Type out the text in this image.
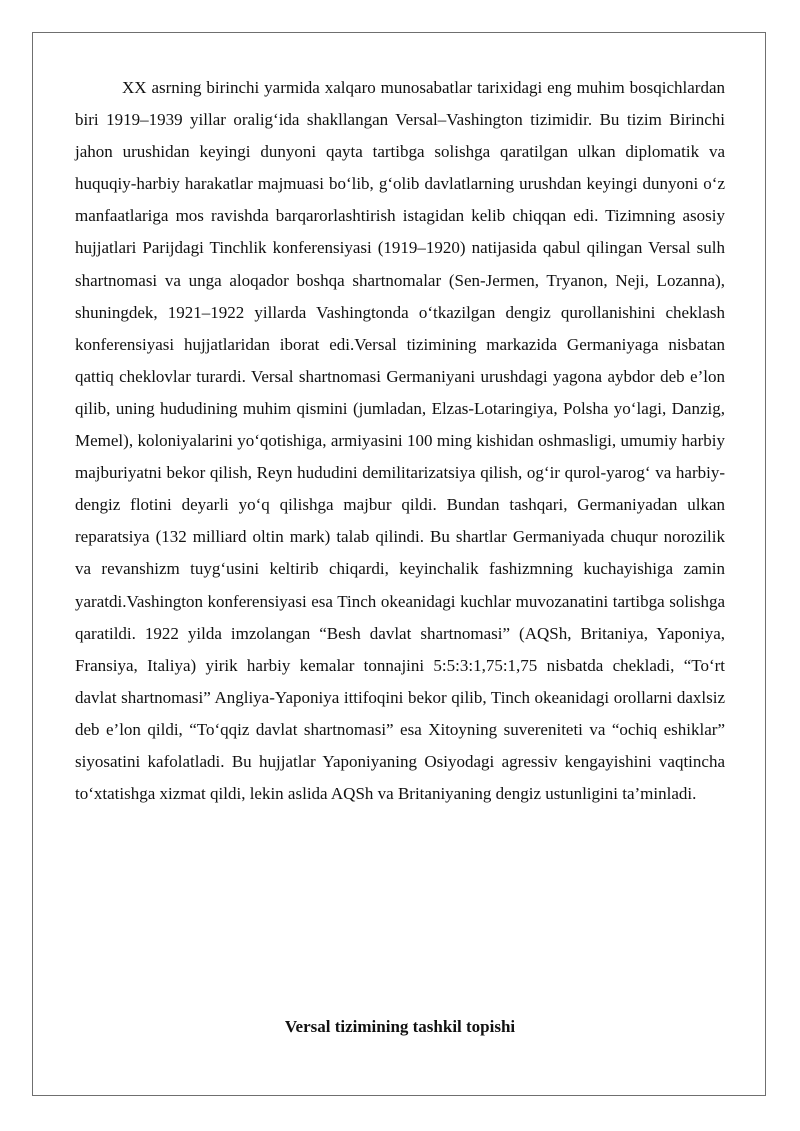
XX asrning birinchi yarmida xalqaro munosabatlar tarixidagi eng muhim bosqichlardan biri 1919–1939 yillar oralig‘ida shakllangan Versal–Vashington tizimidir. Bu tizim Birinchi jahon urushidan keyingi dunyoni qayta tartibga solishga qaratilgan ulkan diplomatik va huquqiy-harbiy harakatlar majmuasi bo‘lib, g‘olib davlatlarning urushdan keyingi dunyoni o‘z manfaatlariga mos ravishda barqarorlashtirish istagidan kelib chiqqan edi. Tizimning asosiy hujjatlari Parijdagi Tinchlik konferensiyasi (1919–1920) natijasida qabul qilingan Versal sulh shartnomasi va unga aloqador boshqa shartnomalar (Sen-Jermen, Tryanon, Neji, Lozanna), shuningdek, 1921–1922 yillarda Vashingtonda o‘tkazilgan dengiz qurollanishini cheklash konferensiyasi hujjatlaridan iborat edi.Versal tizimining markazida Germaniyaga nisbatan qattiq cheklovlar turardi. Versal shartnomasi Germaniyani urushdagi yagona aybdor deb e’lon qilib, uning hududining muhim qismini (jumladan, Elzas-Lotaringiya, Polsha yo‘lagi, Danzig, Memel), koloniyalarini yo‘qotishiga, armiyasini 100 ming kishidan oshmasligi, umumiy harbiy majburiyatni bekor qilish, Reyn hududini demilitarizatsiya qilish, og‘ir qurol-yarog‘ va harbiy-dengiz flotini deyarli yo‘q qilishga majbur qildi. Bundan tashqari, Germaniyadan ulkan reparatsiya (132 milliard oltin mark) talab qilindi. Bu shartlar Germaniyada chuqur norozilik va revanshizm tuyg‘usini keltirib chiqardi, keyinchalik fashizmning kuchayishiga zamin yaratdi.Vashington konferensiyasi esa Tinch okeanidagi kuchlar muvozanatini tartibga solishga qaratildi. 1922 yilda imzolangan “Besh davlat shartnomasi” (AQSh, Britaniya, Yaponiya, Fransiya, Italiya) yirik harbiy kemalar tonnajini 5:5:3:1,75:1,75 nisbatda chekladi, “To‘rt davlat shartnomasi” Angliya-Yaponiya ittifoqini bekor qilib, Tinch okeanidagi orollarni daxlsiz deb e’lon qildi, “To‘qqiz davlat shartnomasi” esa Xitoyning suvereniteti va “ochiq eshiklar” siyosatini kafolatladi. Bu hujjatlar Yaponiyaning Osiyodagi agressiv kengayishini vaqtincha to‘xtatishga xizmat qildi, lekin aslida AQSh va Britaniyaning dengiz ustunligini ta’minladi.

Versal tizimining tashkil topishi
